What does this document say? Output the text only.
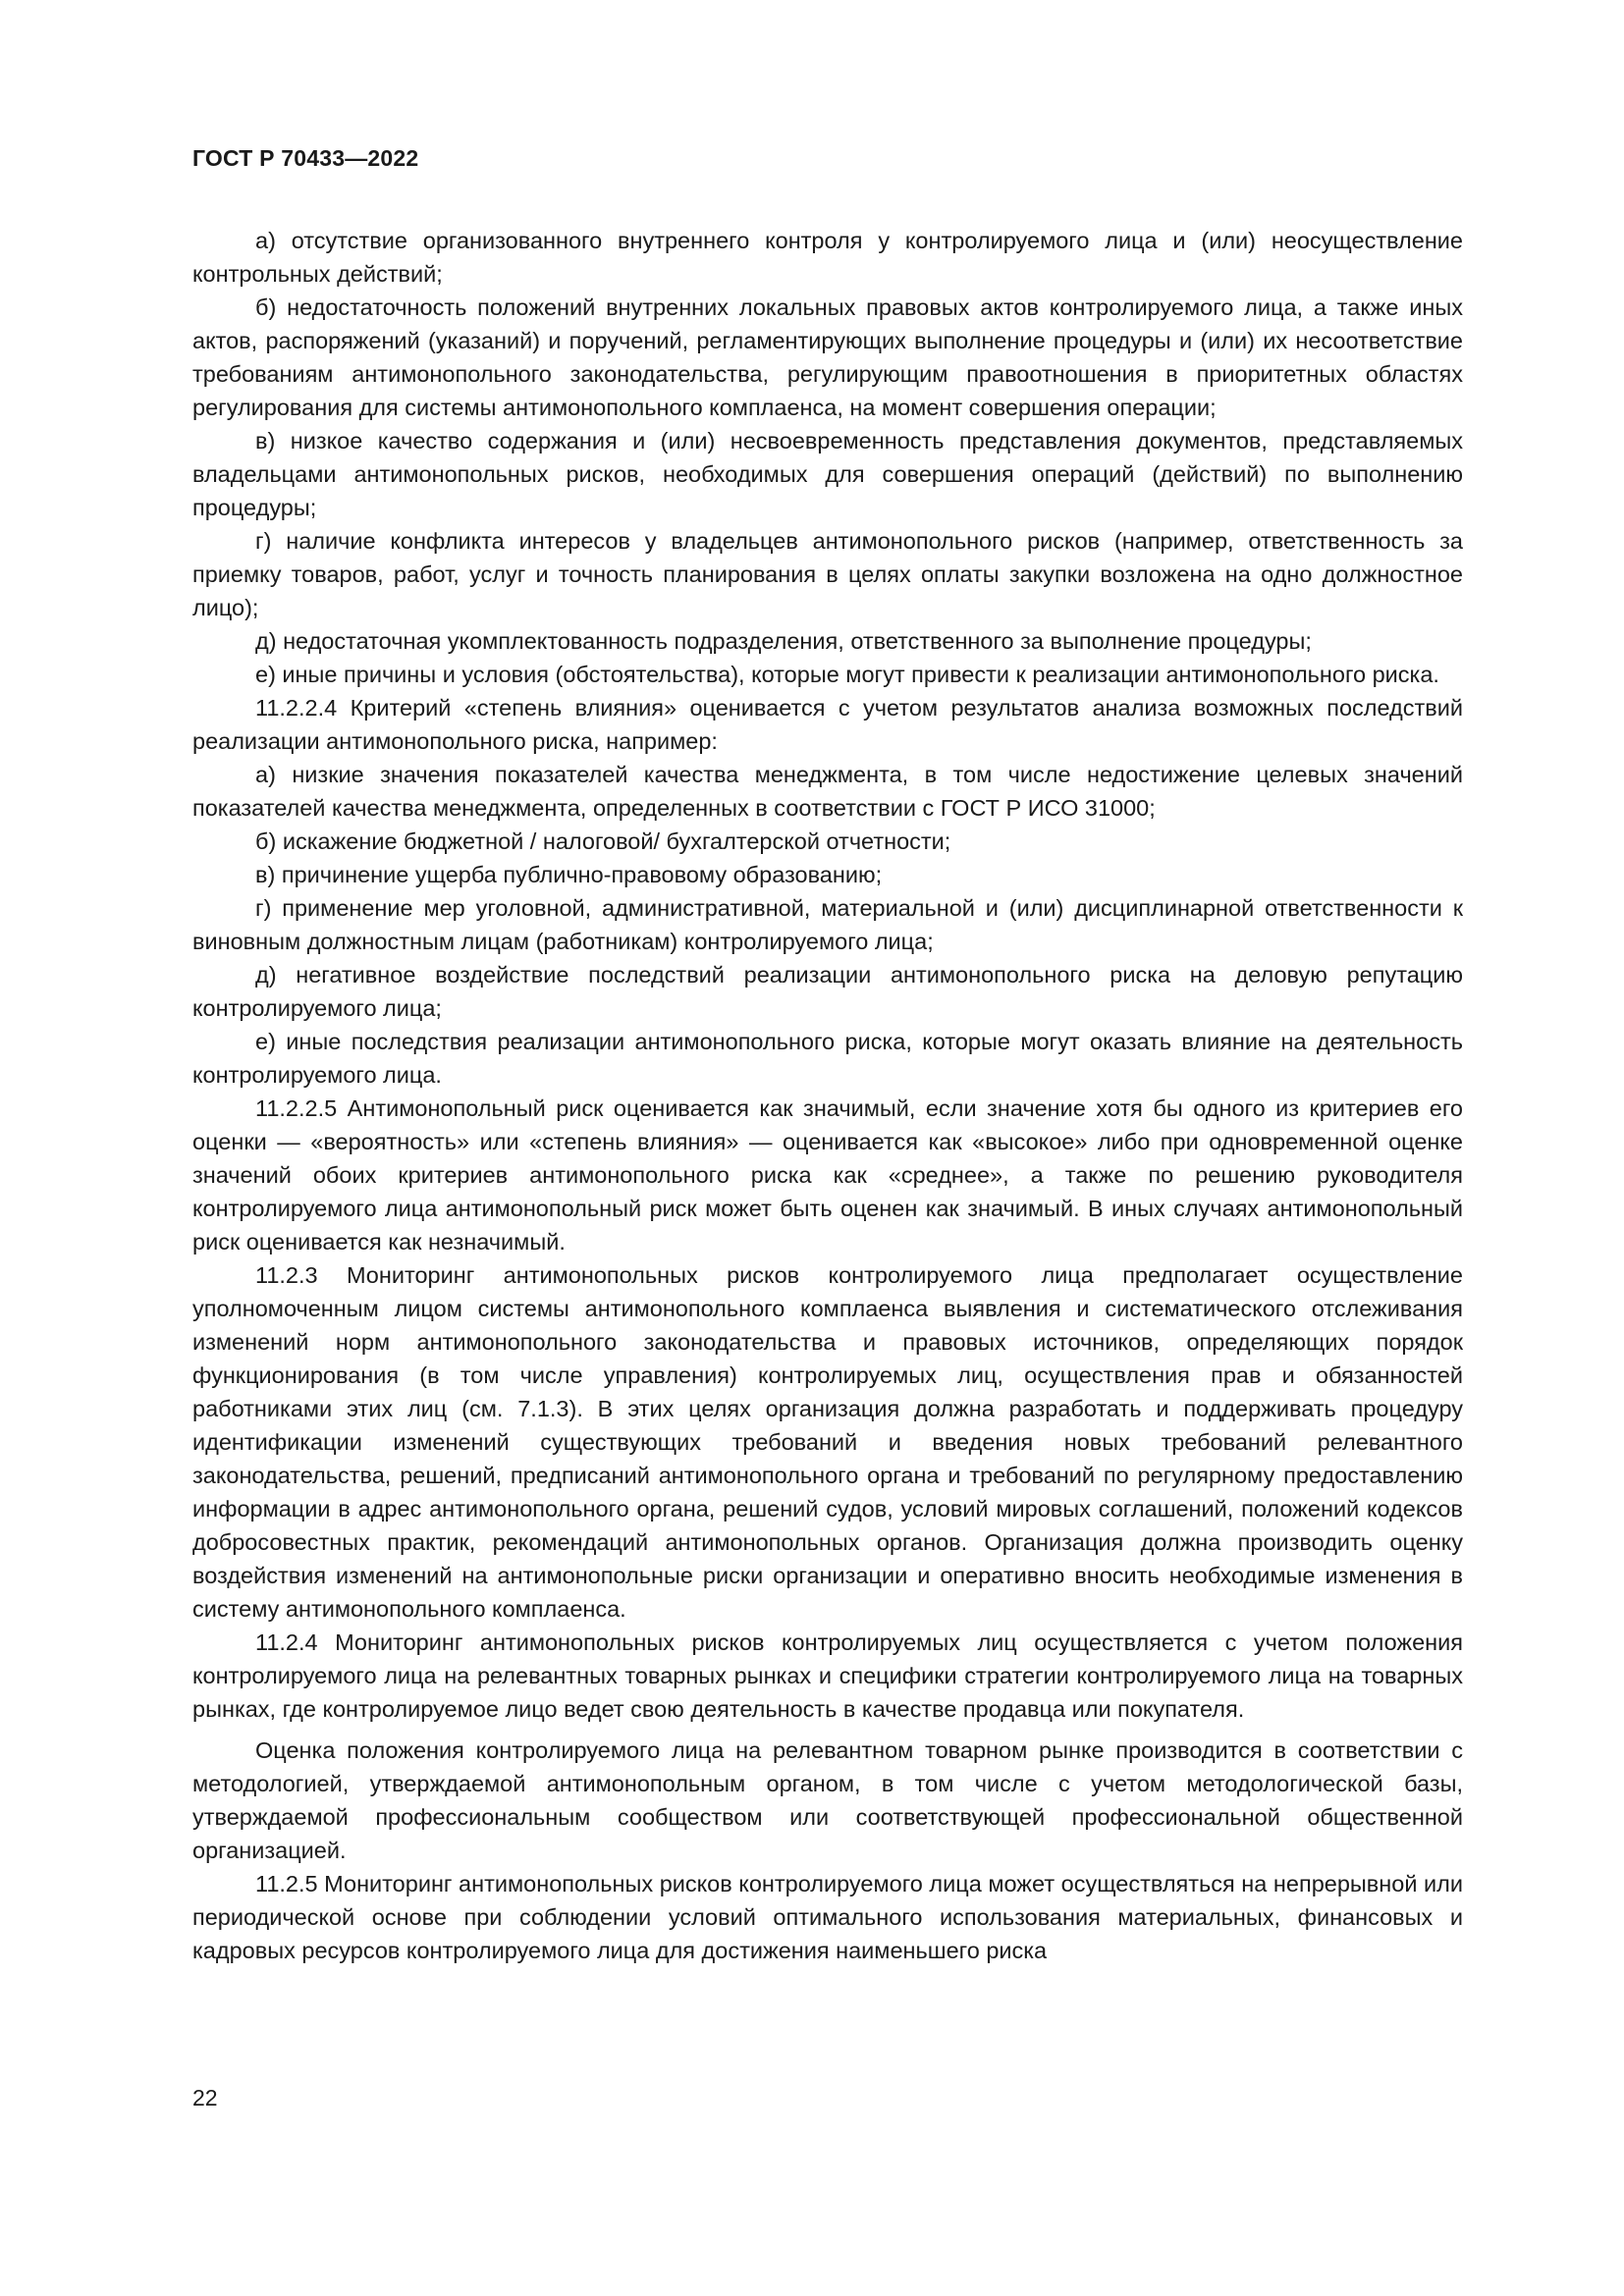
ГОСТ Р 70433—2022

а) отсутствие организованного внутреннего контроля у контролируемого лица и (или) неосуществление контрольных действий;

б) недостаточность положений внутренних локальных правовых актов контролируемого лица, а также иных актов, распоряжений (указаний) и поручений, регламентирующих выполнение процедуры и (или) их несоответствие требованиям антимонопольного законодательства, регулирующим правоотношения в приоритетных областях регулирования для системы антимонопольного комплаенса, на момент совершения операции;

в) низкое качество содержания и (или) несвоевременность представления документов, представляемых владельцами антимонопольных рисков, необходимых для совершения операций (действий) по выполнению процедуры;

г) наличие конфликта интересов у владельцев антимонопольного рисков (например, ответственность за приемку товаров, работ, услуг и точность планирования в целях оплаты закупки возложена на одно должностное лицо);

д) недостаточная укомплектованность подразделения, ответственного за выполнение процедуры;

е) иные причины и условия (обстоятельства), которые могут привести к реализации антимонопольного риска.

11.2.2.4 Критерий «степень влияния» оценивается с учетом результатов анализа возможных последствий реализации антимонопольного риска, например:

а) низкие значения показателей качества менеджмента, в том числе недостижение целевых значений показателей качества менеджмента, определенных в соответствии с ГОСТ Р ИСО 31000;

б) искажение бюджетной / налоговой/ бухгалтерской отчетности;

в) причинение ущерба публично-правовому образованию;

г) применение мер уголовной, административной, материальной и (или) дисциплинарной ответственности к виновным должностным лицам (работникам) контролируемого лица;

д) негативное воздействие последствий реализации антимонопольного риска на деловую репутацию контролируемого лица;

е) иные последствия реализации антимонопольного риска, которые могут оказать влияние на деятельность контролируемого лица.

11.2.2.5 Антимонопольный риск оценивается как значимый, если значение хотя бы одного из критериев его оценки — «вероятность» или «степень влияния» — оценивается как «высокое» либо при одновременной оценке значений обоих критериев антимонопольного риска как «среднее», а также по решению руководителя контролируемого лица антимонопольный риск может быть оценен как значимый. В иных случаях антимонопольный риск оценивается как незначимый.

11.2.3 Мониторинг антимонопольных рисков контролируемого лица предполагает осуществление уполномоченным лицом системы антимонопольного комплаенса выявления и систематического отслеживания изменений норм антимонопольного законодательства и правовых источников, определяющих порядок функционирования (в том числе управления) контролируемых лиц, осуществления прав и обязанностей работниками этих лиц (см. 7.1.3). В этих целях организация должна разработать и поддерживать процедуру идентификации изменений существующих требований и введения новых требований релевантного законодательства, решений, предписаний антимонопольного органа и требований по регулярному предоставлению информации в адрес антимонопольного органа, решений судов, условий мировых соглашений, положений кодексов добросовестных практик, рекомендаций антимонопольных органов. Организация должна производить оценку воздействия изменений на антимонопольные риски организации и оперативно вносить необходимые изменения в систему антимонопольного комплаенса.

11.2.4 Мониторинг антимонопольных рисков контролируемых лиц осуществляется с учетом положения контролируемого лица на релевантных товарных рынках и специфики стратегии контролируемого лица на товарных рынках, где контролируемое лицо ведет свою деятельность в качестве продавца или покупателя.

Оценка положения контролируемого лица на релевантном товарном рынке производится в соответствии с методологией, утверждаемой антимонопольным органом, в том числе с учетом методологической базы, утверждаемой профессиональным сообществом или соответствующей профессиональной общественной организацией.

11.2.5 Мониторинг антимонопольных рисков контролируемого лица может осуществляться на непрерывной или периодической основе при соблюдении условий оптимального использования материальных, финансовых и кадровых ресурсов контролируемого лица для достижения наименьшего риска

22
